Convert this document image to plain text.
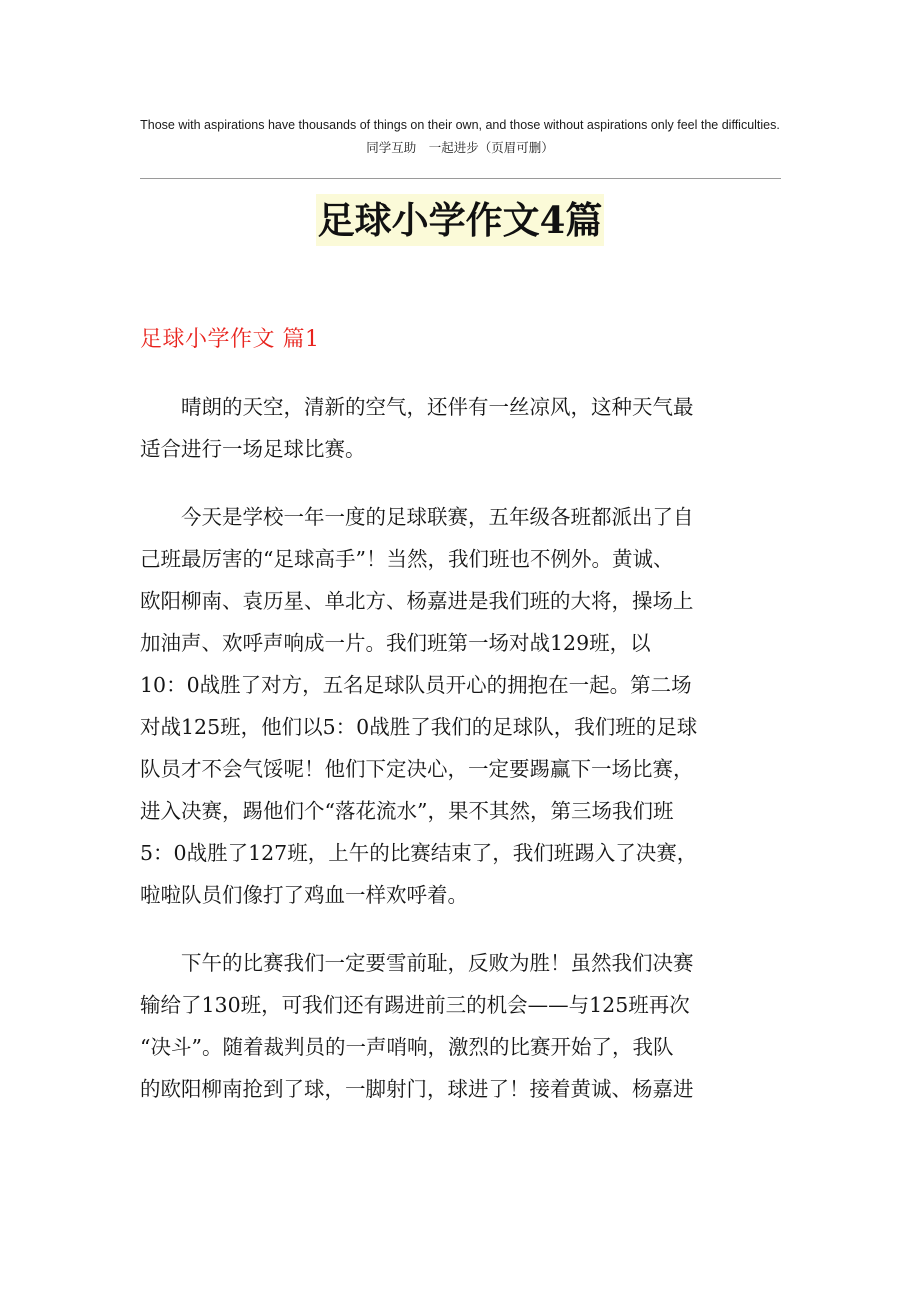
Those with aspirations have thousands of things on their own, and those without aspirations only feel the difficulties.同学互助　一起进步（页眉可删）
足球小学作文4篇
足球小学作文 篇1

晴朗的天空，清新的空气，还伴有一丝凉风，这种天气最
适合进行一场足球比赛。

今天是学校一年一度的足球联赛，五年级各班都派出了自
己班最厉害的“足球高手”！当然，我们班也不例外。黄诚、
欧阳柳南、袁历星、单北方、杨嘉进是我们班的大将，操场上
加油声、欢呼声响成一片。我们班第一场对战129班，以
10：0战胜了对方，五名足球队员开心的拥抱在一起。第二场
对战125班，他们以5：0战胜了我们的足球队，我们班的足球
队员才不会气馁呢！他们下定决心，一定要踢赢下一场比赛，
进入决赛，踢他们个“落花流水”，果不其然，第三场我们班
5：0战胜了127班，上午的比赛结束了，我们班踢入了决赛，
啦啦队员们像打了鸡血一样欢呼着。

下午的比赛我们一定要雪前耻，反败为胜！虽然我们决赛
输给了130班，可我们还有踢进前三的机会——与125班再次
“决斗”。随着裁判员的一声哨响，激烈的比赛开始了，我队
的欧阳柳南抢到了球，一脚射门，球进了！接着黄诚、杨嘉进
